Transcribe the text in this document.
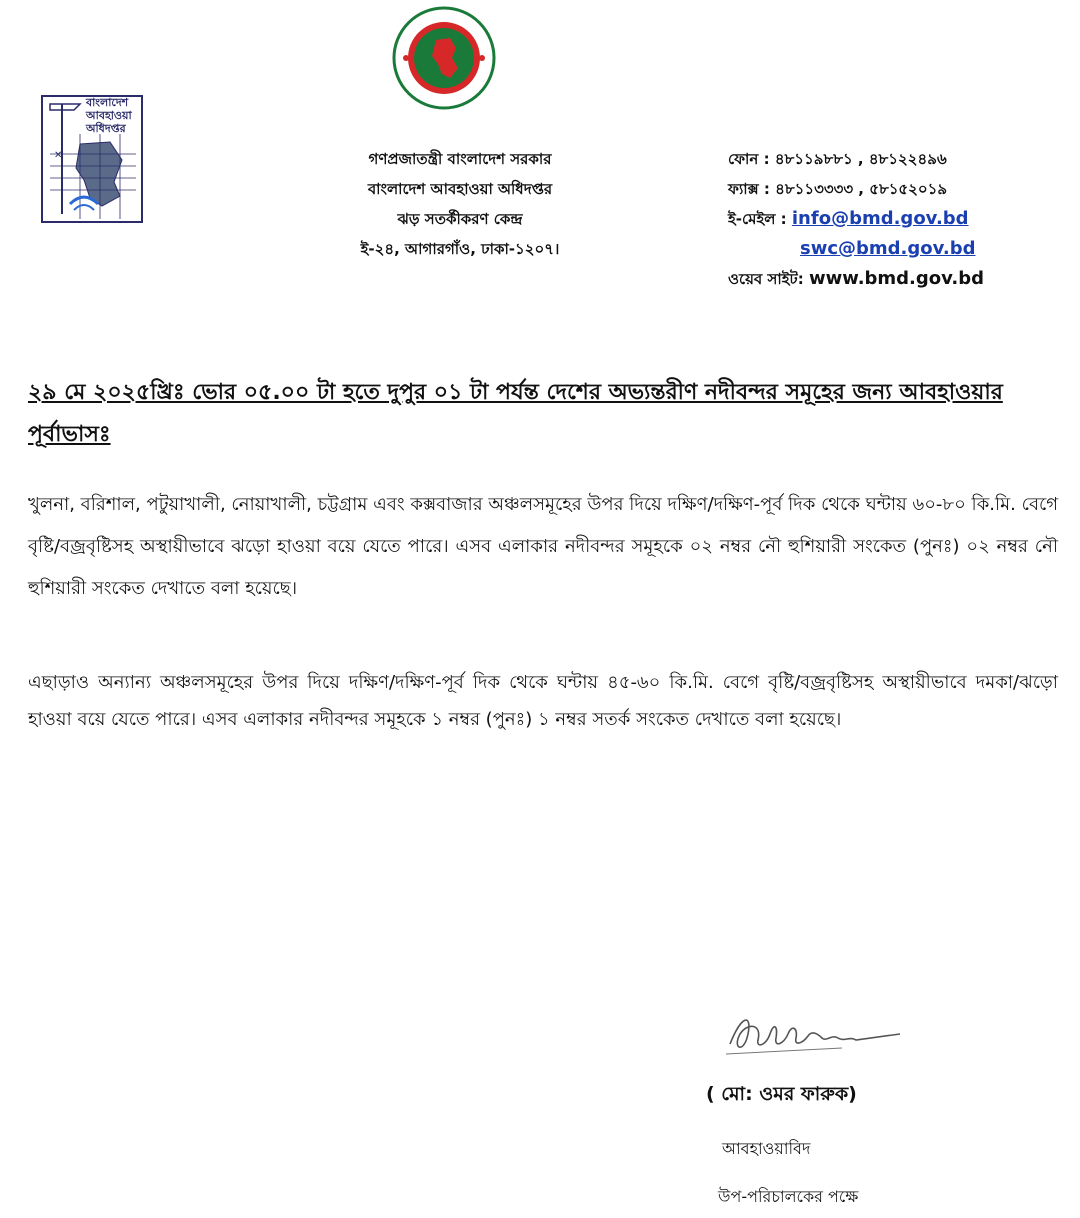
✕
বাংলাদেশ
আবহাওয়া
অধিদপ্তর
গণপ্রজাতন্ত্রী বাংলাদেশ সরকার
বাংলাদেশ আবহাওয়া অধিদপ্তর
ঝড় সতর্কীকরণ কেন্দ্র
ই-২৪, আগারগাঁও, ঢাকা-১২০৭।
ফোন : ৪৮১১৯৮৮১ , ৪৮১২২৪৯৬
ফ্যাক্স : ৪৮১১৩৩৩৩ , ৫৮১৫২০১৯
ই-মেইল : info@bmd.gov.bd
swc@bmd.gov.bd
ওয়েব সাইট: www.bmd.gov.bd
২৯ মে ২০২৫খ্রিঃ ভোর ০৫.০০ টা হতে দুপুর ০১ টা পর্যন্ত দেশের অভ্যন্তরীণ নদীবন্দর সমূহের জন্য আবহাওয়ার পূর্বাভাসঃ
খুলনা, বরিশাল, পটুয়াখালী, নোয়াখালী, চট্টগ্রাম এবং কক্সবাজার অঞ্চলসমূহের উপর দিয়ে দক্ষিণ/দক্ষিণ-পূর্ব দিক থেকে ঘন্টায় ৬০-৮০ কি.মি. বেগে বৃষ্টি/বজ্রবৃষ্টিসহ অস্থায়ীভাবে ঝড়ো হাওয়া বয়ে যেতে পারে। এসব এলাকার নদীবন্দর সমূহকে ০২ নম্বর নৌ হুশিয়ারী সংকেত (পুনঃ) ০২ নম্বর নৌ হুশিয়ারী সংকেত দেখাতে বলা হয়েছে।
এছাড়াও অন্যান্য অঞ্চলসমূহের উপর দিয়ে দক্ষিণ/দক্ষিণ-পূর্ব দিক থেকে ঘন্টায় ৪৫-৬০ কি.মি. বেগে বৃষ্টি/বজ্রবৃষ্টিসহ অস্থায়ীভাবে দমকা/ঝড়ো হাওয়া বয়ে যেতে পারে। এসব এলাকার নদীবন্দর সমূহকে ১ নম্বর (পুনঃ) ১ নম্বর সতর্ক সংকেত দেখাতে বলা হয়েছে।
( মো: ওমর ফারুক)
আবহাওয়াবিদ
উপ-পরিচালকের পক্ষে
